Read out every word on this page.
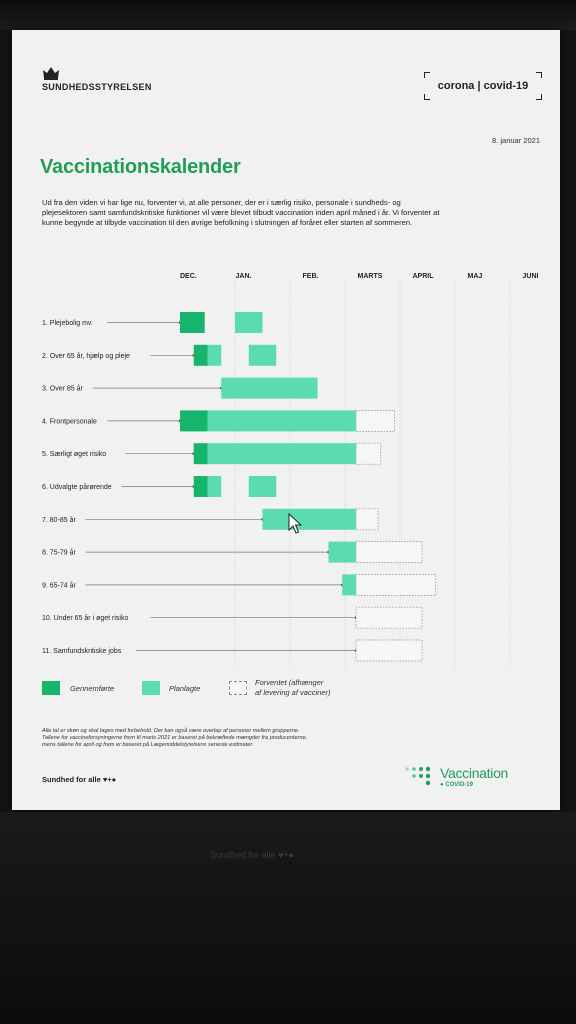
SUNDHEDSSTYRELSEN	corona | covid-19
8. januar 2021
Vaccinationskalender

Ud fra den viden vi har lige nu, forventer vi, at alle personer, der er i særlig risiko, personale i sundheds- og plejesektoren samt samfundskritiske funktioner vil være blevet tilbudt vaccination inden april måned i år. Vi forventer at kunne begynde at tilbyde vaccination til den øvrige befolkning i slutningen af foråret eller starten af sommeren.

DEC.	JAN.	FEB.	MARTS	APRIL	MAJ	JUNI
1. Plejebolig mv.
2. Over 65 år, hjælp og pleje
3. Over 85 år
4. Frontpersonale
5. Særligt øget risiko
6. Udvalgte pårørende
7. 80-85 år
8. 75-79 år
9. 65-74 år
10. Under 65 år i øget risiko
11. Samfundskritiske jobs
Gennemførte	Planlagte
Forventet (afhænger
af levering af vacciner)
Alle tal er skøn og skal tages med forbehold. Der kan også være overlap af personer mellem grupperne.
Tallene for vaccineforsyningerne frem til marts 2021 er baseret på bekræftede mængder fra producenterne,
mens tallene for april og frem er baseret på Lægemiddelstyrelsens seneste estimater.
Sundhed for alle ♥+●	Vaccination
● COVID-19
Sundhed for alle ♥+●
